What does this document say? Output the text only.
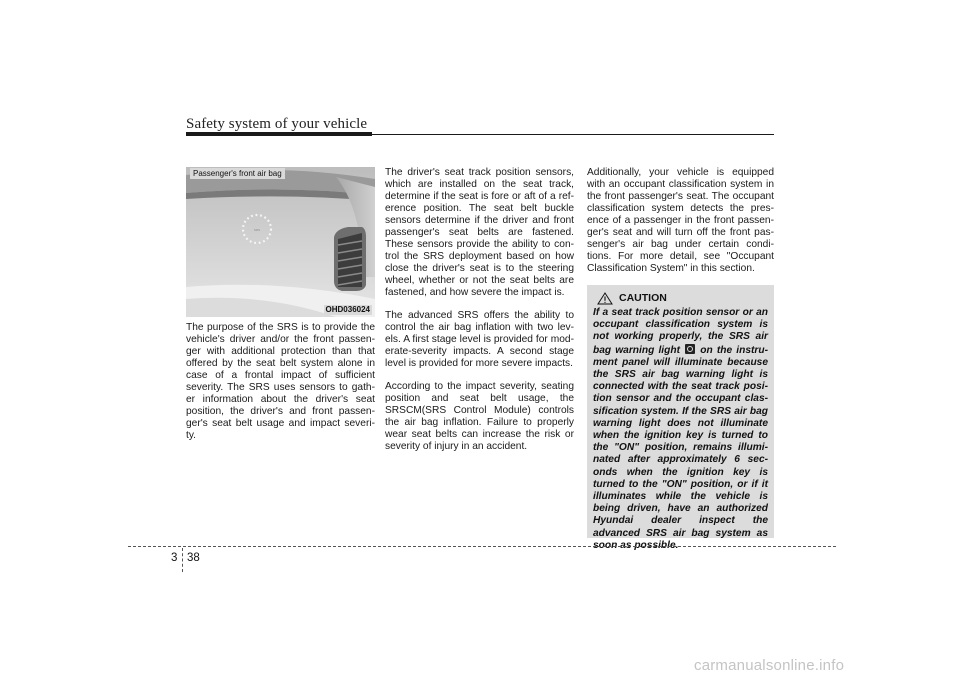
Safety system of your vehicle
SRS
Passenger's front air bag
OHD036024

The purpose of the SRS is to provide the vehicle's driver and/or the front passen-ger with additional protection than that offered by the seat belt system alone in case of a frontal impact of sufficient severity. The SRS uses sensors to gath-er information about the driver's seat position, the driver's and front passen-ger's seat belt usage and impact severi-ty.

The driver's seat track position sensors, which are installed on the seat track, determine if the seat is fore or aft of a ref-erence position. The seat belt buckle sensors determine if the driver and front passenger's seat belts are fastened. These sensors provide the ability to con-trol the SRS deployment based on how close the driver's seat is to the steering wheel, whether or not the seat belts are fastened, and how severe the impact is.

The advanced SRS offers the ability to control the air bag inflation with two lev-els. A first stage level is provided for mod-erate-severity impacts. A second stage level is provided for more severe impacts.

According to the impact severity, seating position and seat belt usage, the SRSCM(SRS Control Module) controls the air bag inflation. Failure to properly wear seat belts can increase the risk or severity of injury in an accident.

Additionally, your vehicle is equipped with an occupant classification system in the front passenger's seat. The occupant classification system detects the pres-ence of a passenger in the front passen-ger's seat and will turn off the front pas-senger's air bag under certain condi-tions. For more detail, see "Occupant Classification System" in this section.

CAUTION
If a seat track position sensor or an occupant classification system is not working properly, the SRS air bag warning light on the instru-ment panel will illuminate because the SRS air bag warning light is connected with the seat track posi-tion sensor and the occupant clas-sification system. If the SRS air bag warning light does not illuminate when the ignition key is turned to the "ON" position, remains illumi-nated after approximately 6 sec-onds when the ignition key is turned to the "ON" position, or if it illuminates while the vehicle is being driven, have an authorized Hyundai dealer inspect the advanced SRS air bag system as soon as possible.
3 38
carmanualsonline.info
